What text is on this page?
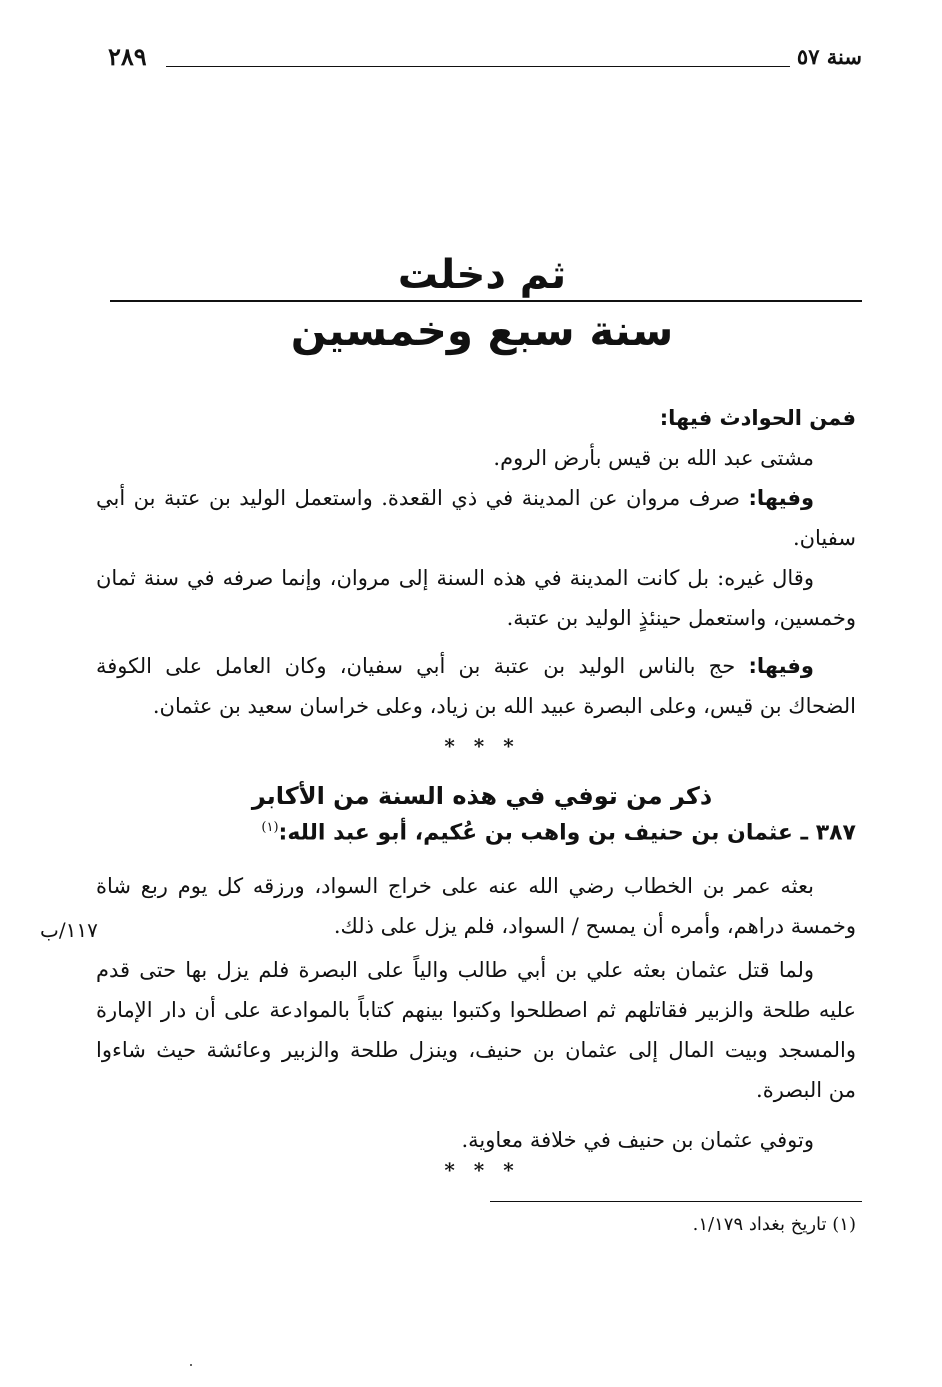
سنة ٥٧
٢٨٩
ثم دخلت
سنة سبع وخمسين
فمن الحوادث فيها:
مشتى عبد الله بن قيس بأرض الروم.
وفيها: صرف مروان عن المدينة في ذي القعدة. واستعمل الوليد بن عتبة بن أبي
سفيان.
وقال غيره: بل كانت المدينة في هذه السنة إلى مروان، وإنما صرفه في سنة ثمان
وخمسين، واستعمل حينئذٍ الوليد بن عتبة.
وفيها: حج بالناس الوليد بن عتبة بن أبي سفيان، وكان العامل على الكوفة
الضحاك بن قيس، وعلى البصرة عبيد الله بن زياد، وعلى خراسان سعيد بن عثمان.
* * *
ذكر من توفي في هذه السنة من الأكابر
٣٨٧ ـ عثمان بن حنيف بن واهب بن عُكيم، أبو عبد الله:$^{(١)}$
بعثه عمر بن الخطاب رضي الله عنه على خراج السواد، ورزقه كل يوم ربع شاة
وخمسة دراهم، وأمره أن يمسح / السواد، فلم يزل على ذلك.
١١٧/ب
ولما قتل عثمان بعثه علي بن أبي طالب والياً على البصرة فلم يزل بها حتى قدم
عليه طلحة والزبير فقاتلهم ثم اصطلحوا وكتبوا بينهم كتاباً بالموادعة على أن دار الإمارة
والمسجد وبيت المال إلى عثمان بن حنيف، وينزل طلحة والزبير وعائشة حيث شاءوا
من البصرة.
وتوفي عثمان بن حنيف في خلافة معاوية.
* * *
(١) تاريخ بغداد ١/١٧٩.
